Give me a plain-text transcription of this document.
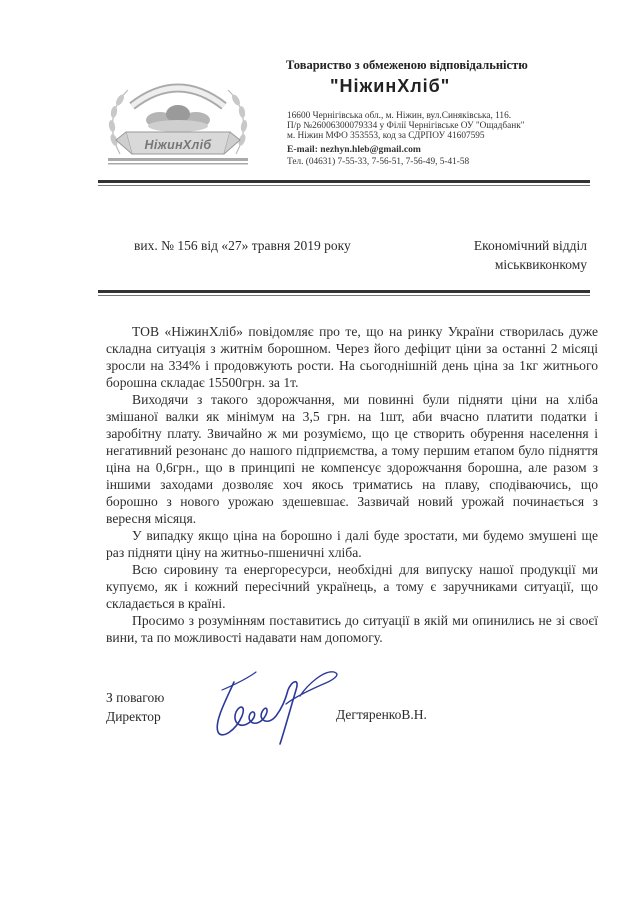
НіжинХліб
Товариство з обмеженою відповідальністю
"НіжинХліб"
16600 Чернігівська обл., м. Ніжин, вул.Синяківська, 116.
П/р №26006300079334 у Філії Чернігівське ОУ "Ощадбанк"
м. Ніжин МФО 353553, код за СДРПОУ 41607595
E-mail: nezhyn.hleb@gmail.com
Тел. (04631) 7-55-33, 7-56-51, 7-56-49, 5-41-58
вих. № 156 від «27» травня 2019 року	Економічний відділ
міськвиконкому

ТОВ «НіжинХліб» повідомляє про те, що на ринку України створилась дуже складна ситуація з житнім борошном. Через його дефіцит ціни за останні 2 місяці зросли на 334% і продовжують рости. На сьогоднішній день ціна за 1кг житнього борошна складає 15500грн. за 1т.

Виходячи з такого здорожчання, ми повинні були підняти ціни на хліба змішаної валки як мінімум на 3,5 грн. на 1шт, аби вчасно платити податки і заробітну плату. Звичайно ж ми розуміємо, що це створить обурення населення і негативний резонанс до нашого підприємства, а тому першим етапом було підняття ціна на 0,6грн., що в принципі не компенсує здорожчання борошна, але разом з іншими заходами дозволяє хоч якось триматись на плаву, сподіваючись, що борошно з нового урожаю здешевшає. Зазвичай новий урожай починається з вересня місяця.

У випадку якщо ціна на борошно і далі буде зростати, ми будемо змушені ще раз підняти ціну на житньо-пшеничні хліба.

Всю сировину та енергоресурси, необхідні для випуску нашої продукції ми купуємо, як і кожний пересічний українець, а тому є заручниками ситуації, що складається в країні.

Просимо з розумінням поставитись до ситуації в якій ми опинились не зі своєї вини, та по можливості надавати нам допомогу.

З повагою
Директор	ДегтяренкоВ.Н.
